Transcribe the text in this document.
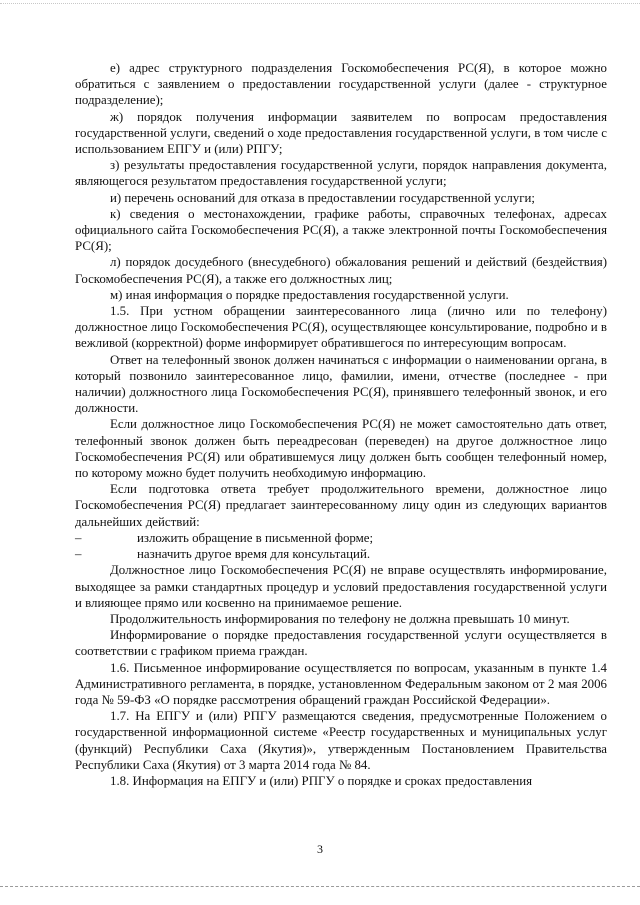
е) адрес структурного подразделения Госкомобеспечения РС(Я), в которое можно обратиться с заявлением о предоставлении государственной услуги (далее - структурное подразделение);

ж) порядок получения информации заявителем по вопросам предоставления государственной услуги, сведений о ходе предоставления государственной услуги, в том числе с использованием ЕПГУ и (или) РПГУ;

з) результаты предоставления государственной услуги, порядок направления документа, являющегося результатом предоставления государственной услуги;

и) перечень оснований для отказа в предоставлении государственной услуги;

к) сведения о местонахождении, графике работы, справочных телефонах, адресах официального сайта Госкомобеспечения РС(Я), а также электронной почты Госкомобеспечения РС(Я);

л) порядок досудебного (внесудебного) обжалования решений и действий (бездействия) Госкомобеспечения РС(Я), а также его должностных лиц;

м) иная информация о порядке предоставления государственной услуги.

1.5. При устном обращении заинтересованного лица (лично или по телефону) должностное лицо Госкомобеспечения РС(Я), осуществляющее консультирование, подробно и в вежливой (корректной) форме информирует обратившегося по интересующим вопросам.

Ответ на телефонный звонок должен начинаться с информации о наименовании органа, в который позвонило заинтересованное лицо, фамилии, имени, отчестве (последнее - при наличии) должностного лица Госкомобеспечения РС(Я), принявшего телефонный звонок, и его должности.

Если должностное лицо Госкомобеспечения РС(Я) не может самостоятельно дать ответ, телефонный звонок должен быть переадресован (переведен) на другое должностное лицо Госкомобеспечения РС(Я) или обратившемуся лицу должен быть сообщен телефонный номер, по которому можно будет получить необходимую информацию.

Если подготовка ответа требует продолжительного времени, должностное лицо Госкомобеспечения РС(Я) предлагает заинтересованному лицу один из следующих вариантов дальнейших действий:

–	изложить обращение в письменной форме;
–	назначить другое время для консультаций.

Должностное лицо Госкомобеспечения РС(Я) не вправе осуществлять информирование, выходящее за рамки стандартных процедур и условий предоставления государственной услуги и влияющее прямо или косвенно на принимаемое решение.

Продолжительность информирования по телефону не должна превышать 10 минут.

Информирование о порядке предоставления государственной услуги осуществляется в соответствии с графиком приема граждан.

1.6. Письменное информирование осуществляется по вопросам, указанным в пункте 1.4 Административного регламента, в порядке, установленном Федеральным законом от 2 мая 2006 года № 59-ФЗ «О порядке рассмотрения обращений граждан Российской Федерации».

1.7. На ЕПГУ и (или) РПГУ размещаются сведения, предусмотренные Положением о государственной информационной системе «Реестр государственных и муниципальных услуг (функций) Республики Саха (Якутия)», утвержденным Постановлением Правительства Республики Саха (Якутия) от 3 марта 2014 года № 84.

1.8. Информация на ЕПГУ и (или) РПГУ о порядке и сроках предоставления

3
